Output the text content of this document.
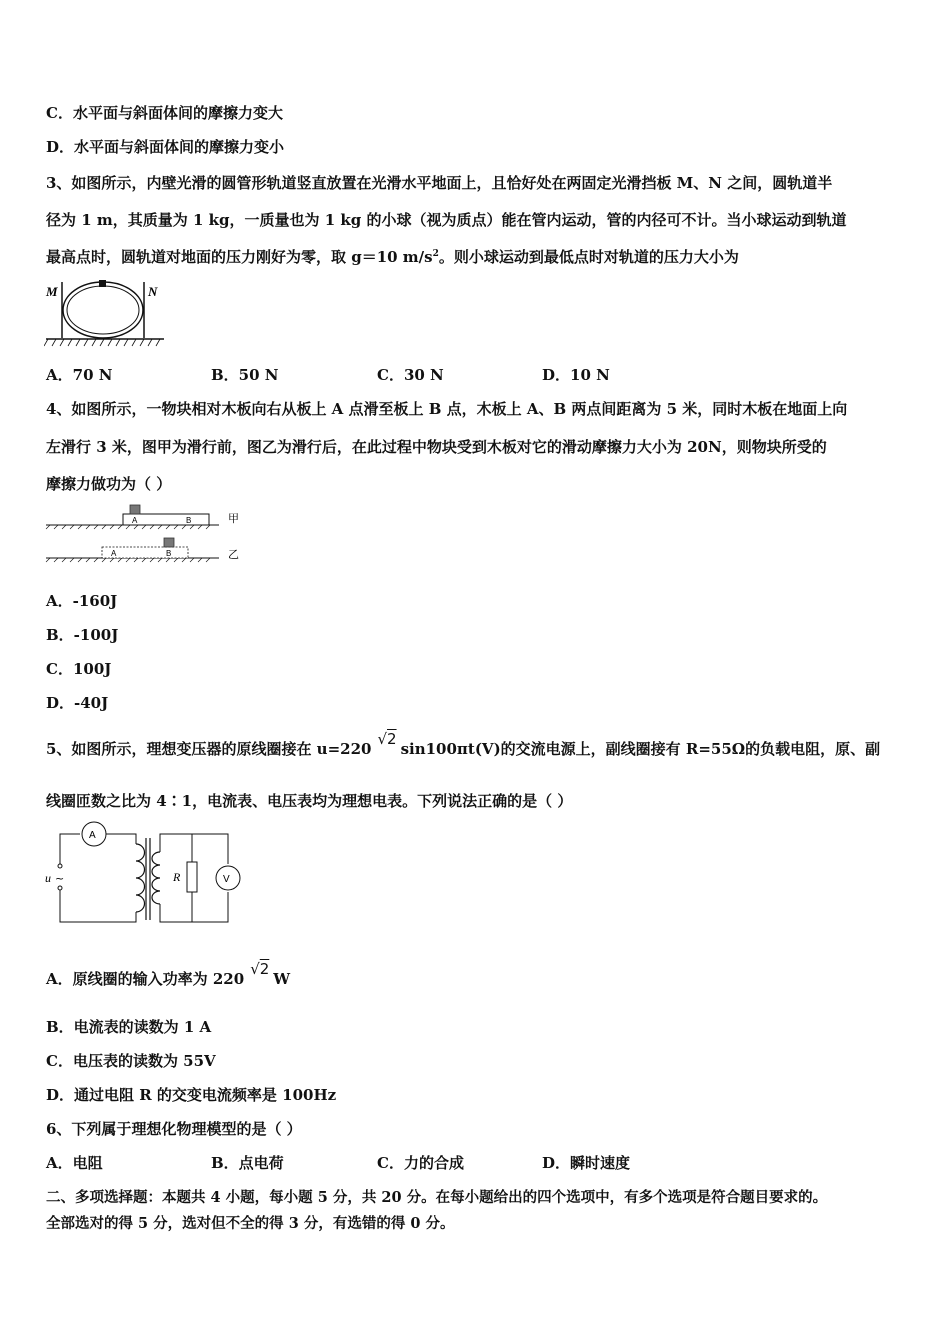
C．水平面与斜面体间的摩擦力变大
D．水平面与斜面体间的摩擦力变小
3、如图所示，内壁光滑的圆管形轨道竖直放置在光滑水平地面上，且恰好处在两固定光滑挡板 M、N 之间，圆轨道半
径为 1 m，其质量为 1 kg，一质量也为 1 kg 的小球（视为质点）能在管内运动，管的内径可不计。当小球运动到轨道
最高点时，圆轨道对地面的压力刚好为零，取 g＝10 $m/s^2$。则小球运动到最低点时对轨道的压力大小为
M	N
A．70 N	B．50 N	C．30 N	D．10 N
4、如图所示，一物块相对木板向右从板上 A 点滑至板上 B 点，木板上 A、B 两点间距离为 5 米，同时木板在地面上向
左滑行 3 米，图甲为滑行前，图乙为滑行后，在此过程中物块受到木板对它的滑动摩擦力大小为 20N，则物块所受的
摩擦力做功为（ ）
A	B	甲
A	B	乙
A．-160J
B．-100J
C．100J
D．-40J
5、如图所示，理想变压器的原线圈接在 u=220√2sin100πt(V)的交流电源上，副线圈接有 R=55Ω的负载电阻，原、副
线圈匝数之比为 4∶1，电流表、电压表均为理想电表。下列说法正确的是（ ）
A
u ~	R	V
A．原线圈的输入功率为 220√2W
B．电流表的读数为 1 A
C．电压表的读数为 55V
D．通过电阻 R 的交变电流频率是 100Hz
6、下列属于理想化物理模型的是（ ）
A．电阻	B．点电荷	C．力的合成	D．瞬时速度
二、多项选择题：本题共 4 小题，每小题 5 分，共 20 分。在每小题给出的四个选项中，有多个选项是符合题目要求的。
全部选对的得 5 分，选对但不全的得 3 分，有选错的得 0 分。
